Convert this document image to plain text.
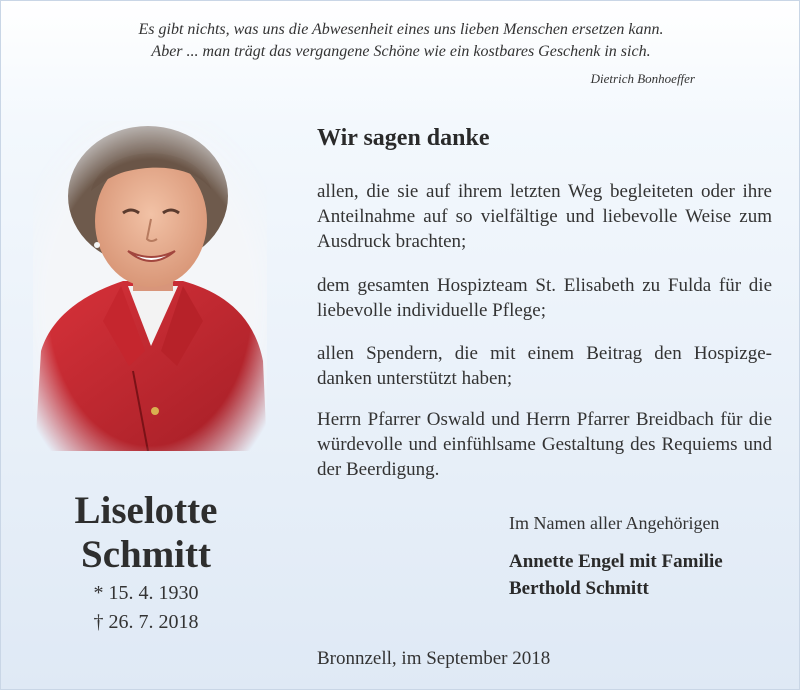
Es gibt nichts, was uns die Abwesenheit eines uns lieben Menschen ersetzen kann.
Aber ... man trägt das vergangene Schöne wie ein kostbares Geschenk in sich.
Dietrich Bonhoeffer
Liselotte
Schmitt
* 15. 4. 1930
† 26. 7. 2018
Wir sagen danke
allen, die sie auf ihrem letzten Weg begleiteten oder ihre Anteilnahme auf so vielfältige und liebevolle Weise zum Ausdruck brachten;
dem gesamten Hospizteam St. Elisabeth zu Fulda für die liebevolle individuelle Pflege;
allen Spendern, die mit einem Beitrag den Hospizge-danken unterstützt haben;
Herrn Pfarrer Oswald und Herrn Pfarrer Breidbach für die würdevolle und einfühlsame Gestaltung des Requiems und der Beerdigung.
Im Namen aller Angehörigen
Annette Engel mit Familie
Berthold Schmitt
Bronnzell, im September 2018
